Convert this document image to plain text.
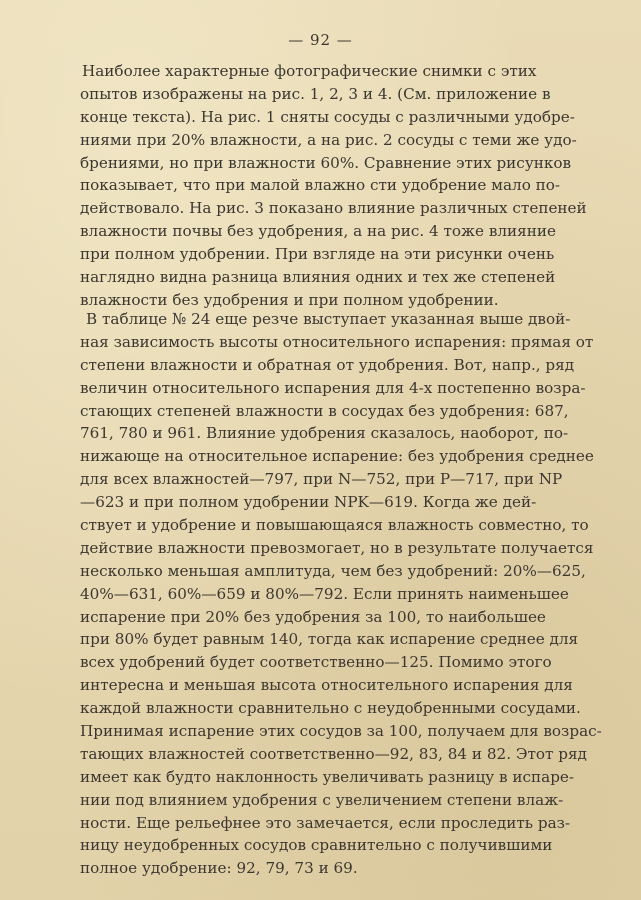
— 92 —
Наиболее характерные фотографические снимки с этих
опытов изображены на рис. 1, 2, 3 и 4. (См. приложение в
конце текста). На рис. 1 сняты сосуды с различными удобре-
ниями при 20% влажности, а на рис. 2 сосуды с теми же удо-
брениями, но при влажности 60%. Сравнение этих рисунков
показывает, что при малой влажно сти удобрение мало по-
действовало. На рис. 3 показано влияние различных степеней
влажности почвы без удобрения, а на рис. 4 тоже влияние
при полном удобрении. При взгляде на эти рисунки очень
наглядно видна разница влияния одних и тех же степеней
влажности без удобрения и при полном удобрении.
В таблице № 24 еще резче выступает указанная выше двой-
ная зависимость высоты относительного испарения: прямая от
степени влажности и обратная от удобрения. Вот, напр., ряд
величин относительного испарения для 4-х постепенно возра-
стающих степеней влажности в сосудах без удобрения: 687,
761, 780 и 961. Влияние удобрения сказалось, наоборот, по-
нижающе на относительное испарение: без удобрения среднее
для всех влажностей—797, при N—752, при Р—717, при NP
—623 и при полном удобрении NPK—619. Когда же дей-
ствует и удобрение и повышающаяся влажность совместно, то
действие влажности превозмогает, но в результате получается
несколько меньшая амплитуда, чем без удобрений: 20%—625,
40%—631, 60%—659 и 80%—792. Если принять наименьшее
испарение при 20% без удобрения за 100, то наибольшее
при 80% будет равным 140, тогда как испарение среднее для
всех удобрений будет соответственно—125. Помимо этого
интересна и меньшая высота относительного испарения для
каждой влажности сравнительно с неудобренными сосудами.
Принимая испарение этих сосудов за 100, получаем для возрас-
тающих влажностей соответственно—92, 83, 84 и 82. Этот ряд
имеет как будто наклонность увеличивать разницу в испаре-
нии под влиянием удобрения с увеличением степени влаж-
ности. Еще рельефнее это замечается, если проследить раз-
ницу неудобренных сосудов сравнительно с получившими
полное удобрение: 92, 79, 73 и 69.
